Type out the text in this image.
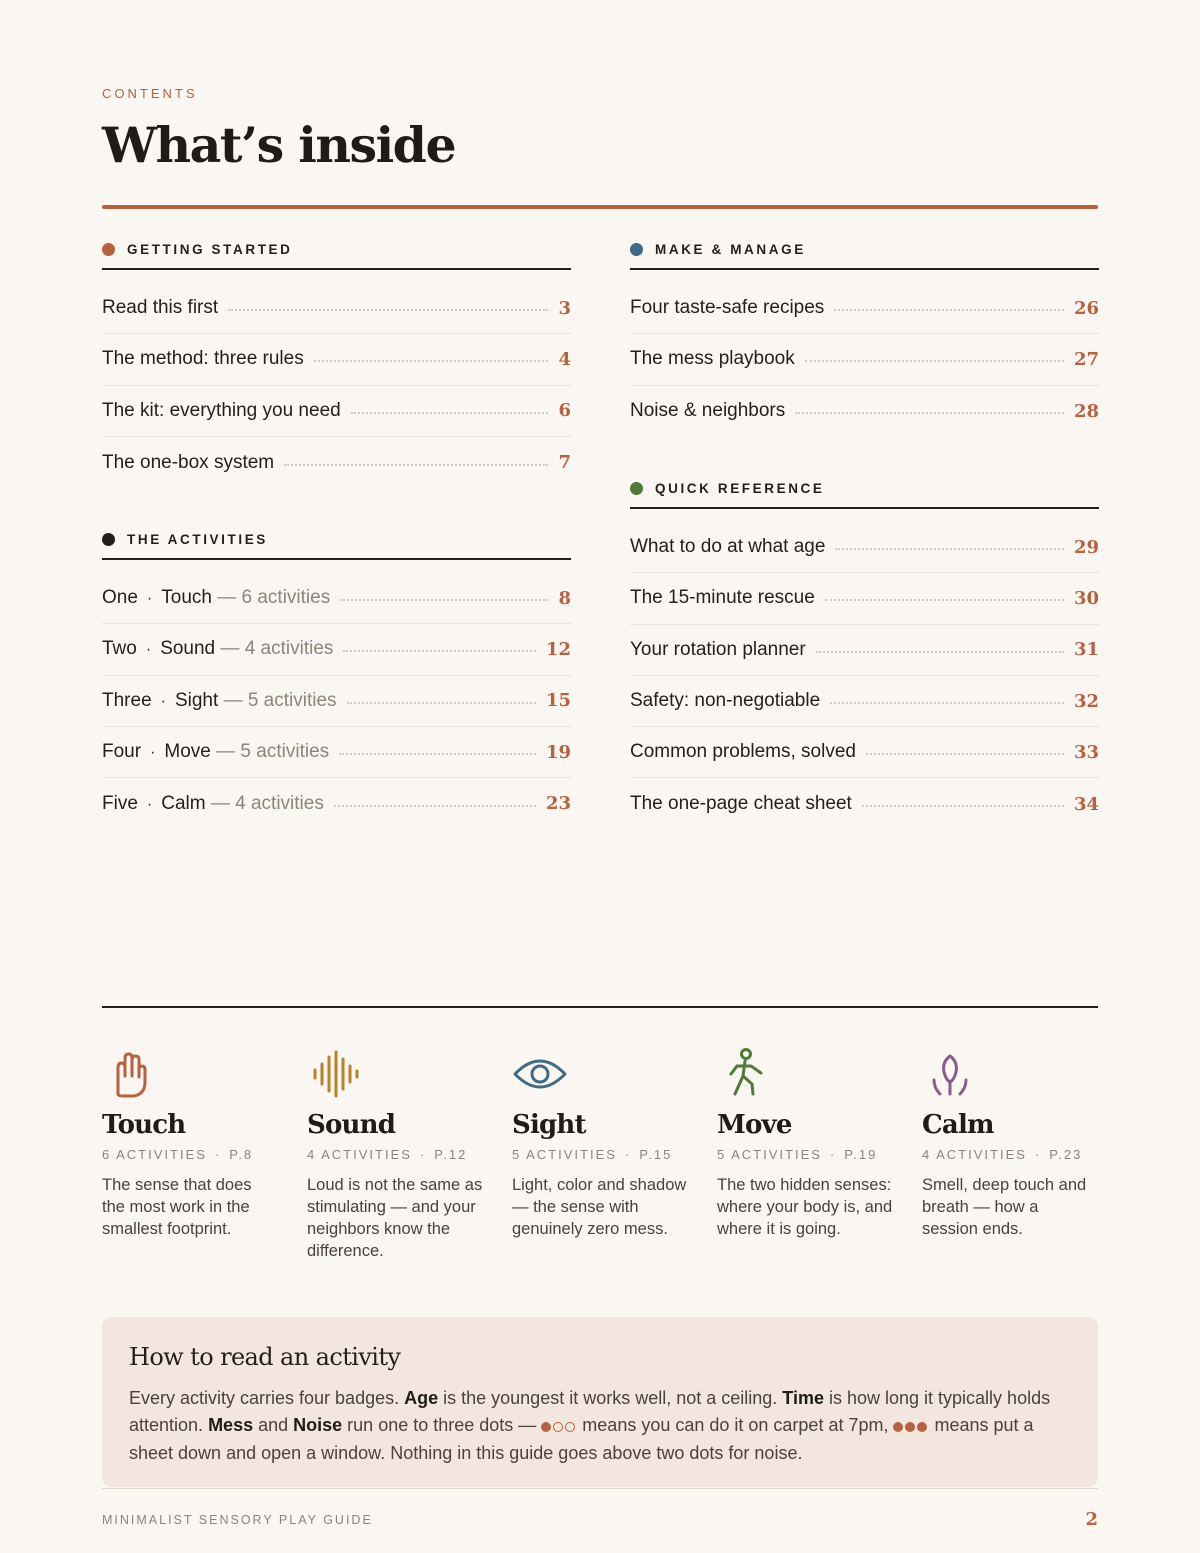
CONTENTS
What’s inside
GETTING STARTED
Read this first	3
The method: three rules	4
The kit: everything you need	6
The one-box system	7
THE ACTIVITIES
One · Touch — 6 activities	8
Two · Sound — 4 activities	12
Three · Sight — 5 activities	15
Four · Move — 5 activities	19
Five · Calm — 4 activities	23
MAKE & MANAGE
Four taste-safe recipes	26
The mess playbook	27
Noise & neighbors	28
QUICK REFERENCE
What to do at what age	29
The 15-minute rescue	30
Your rotation planner	31
Safety: non-negotiable	32
Common problems, solved	33
The one-page cheat sheet	34
Touch
6 ACTIVITIES · P.8
The sense that does the most work in the smallest footprint.
Sound
4 ACTIVITIES · P.12
Loud is not the same as stimulating — and your neighbors know the difference.
Sight
5 ACTIVITIES · P.15
Light, color and shadow — the sense with genuinely zero mess.
Move
5 ACTIVITIES · P.19
The two hidden senses: where your body is, and where it is going.
Calm
4 ACTIVITIES · P.23
Smell, deep touch and breath — how a session ends.
How to read an activity

Every activity carries four badges. Age is the youngest it works well, not a ceiling. Time is how long it typically holds attention. Mess and Noise run one to three dots —  means you can do it on carpet at 7pm,  means put a sheet down and open a window. Nothing in this guide goes above two dots for noise.

MINIMALIST SENSORY PLAY GUIDE	2
